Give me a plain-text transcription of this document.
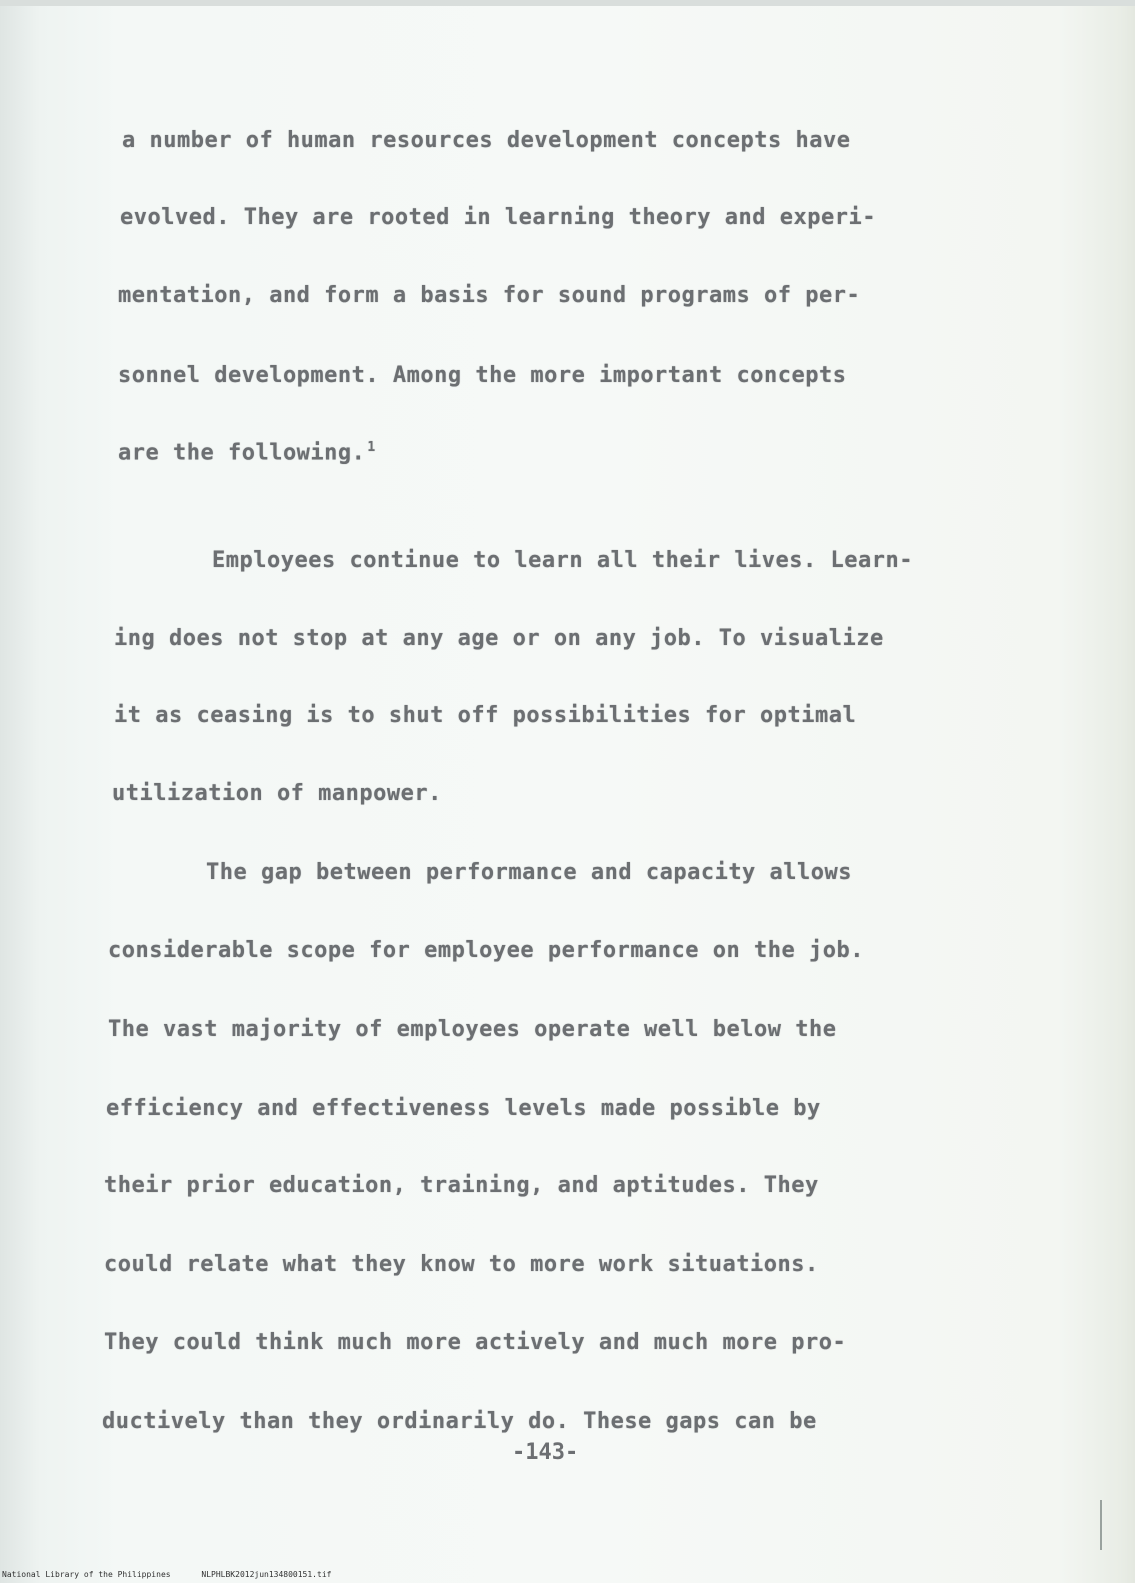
a number of human resources development concepts have
evolved. They are rooted in learning theory and experi-
mentation, and form a basis for sound programs of per-
sonnel development. Among the more important concepts
are the following. $^1$
Employees continue to learn all their lives. Learn-
ing does not stop at any age or on any job. To visualize
it as ceasing is to shut off possibilities for optimal
utilization of manpower.
The gap between performance and capacity allows
considerable scope for employee performance on the job.
The vast majority of employees operate well below the
efficiency and effectiveness levels made possible by
their prior education, training, and aptitudes. They
could relate what they know to more work situations.
They could think much more actively and much more pro-
ductively than they ordinarily do. These gaps can be
-143-
National Library of the Philippines	NLPHLBK2012jun134800151.tif
